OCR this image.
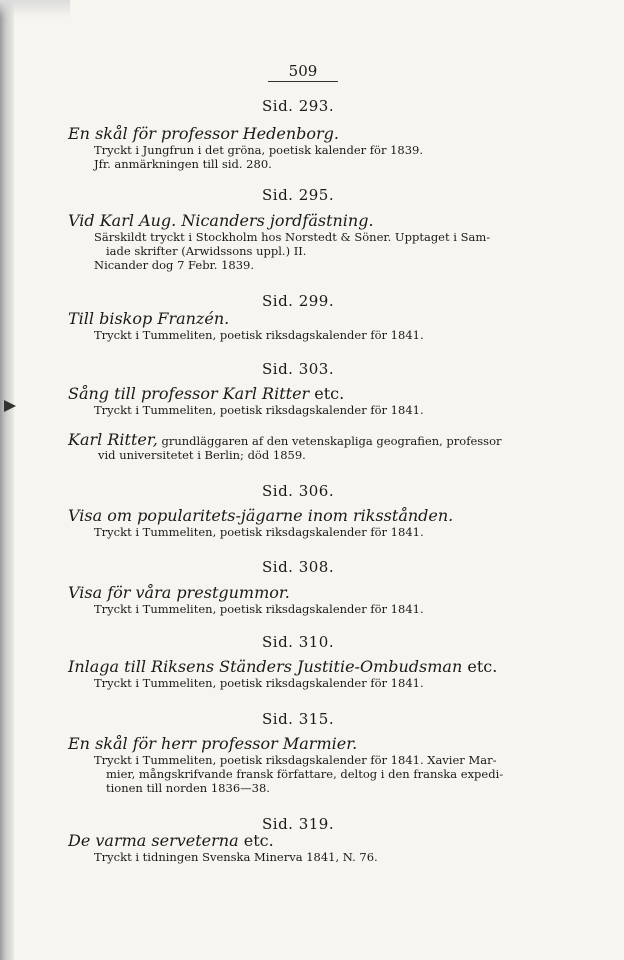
509
Sid. 293.

En skål för professor Hedenborg.

Tryckt i Jungfrun i det gröna, poetisk kalender för 1839.

Jfr. anmärkningen till sid. 280.

Sid. 295.

Vid Karl Aug. Nicanders jordfästning.

Särskildt tryckt i Stockholm hos Norstedt & Söner. Upptaget i Sam-

iade skrifter (Arwidssons uppl.) II.

Nicander dog 7 Febr. 1839.

Sid. 299.

Till biskop Franzén.

Tryckt i Tummeliten, poetisk riksdagskalender för 1841.

Sid. 303.

Sång till professor Karl Ritter etc.

Tryckt i Tummeliten, poetisk riksdagskalender för 1841.

Karl Ritter, grundläggaren af den vetenskapliga geografien, professor

vid universitetet i Berlin; död 1859.

Sid. 306.

Visa om popularitets-jägarne inom riksstånden.

Tryckt i Tummeliten, poetisk riksdagskalender för 1841.

Sid. 308.

Visa för våra prestgummor.

Tryckt i Tummeliten, poetisk riksdagskalender för 1841.

Sid. 310.

Inlaga till Riksens Ständers Justitie-Ombudsman etc.

Tryckt i Tummeliten, poetisk riksdagskalender för 1841.

Sid. 315.

En skål för herr professor Marmier.

Tryckt i Tummeliten, poetisk riksdagskalender för 1841. Xavier Mar-

mier, mångskrifvande fransk författare, deltog i den franska expedi-

tionen till norden 1836—38.

Sid. 319.

De varma serveterna etc.

Tryckt i tidningen Svenska Minerva 1841, N. 76.
